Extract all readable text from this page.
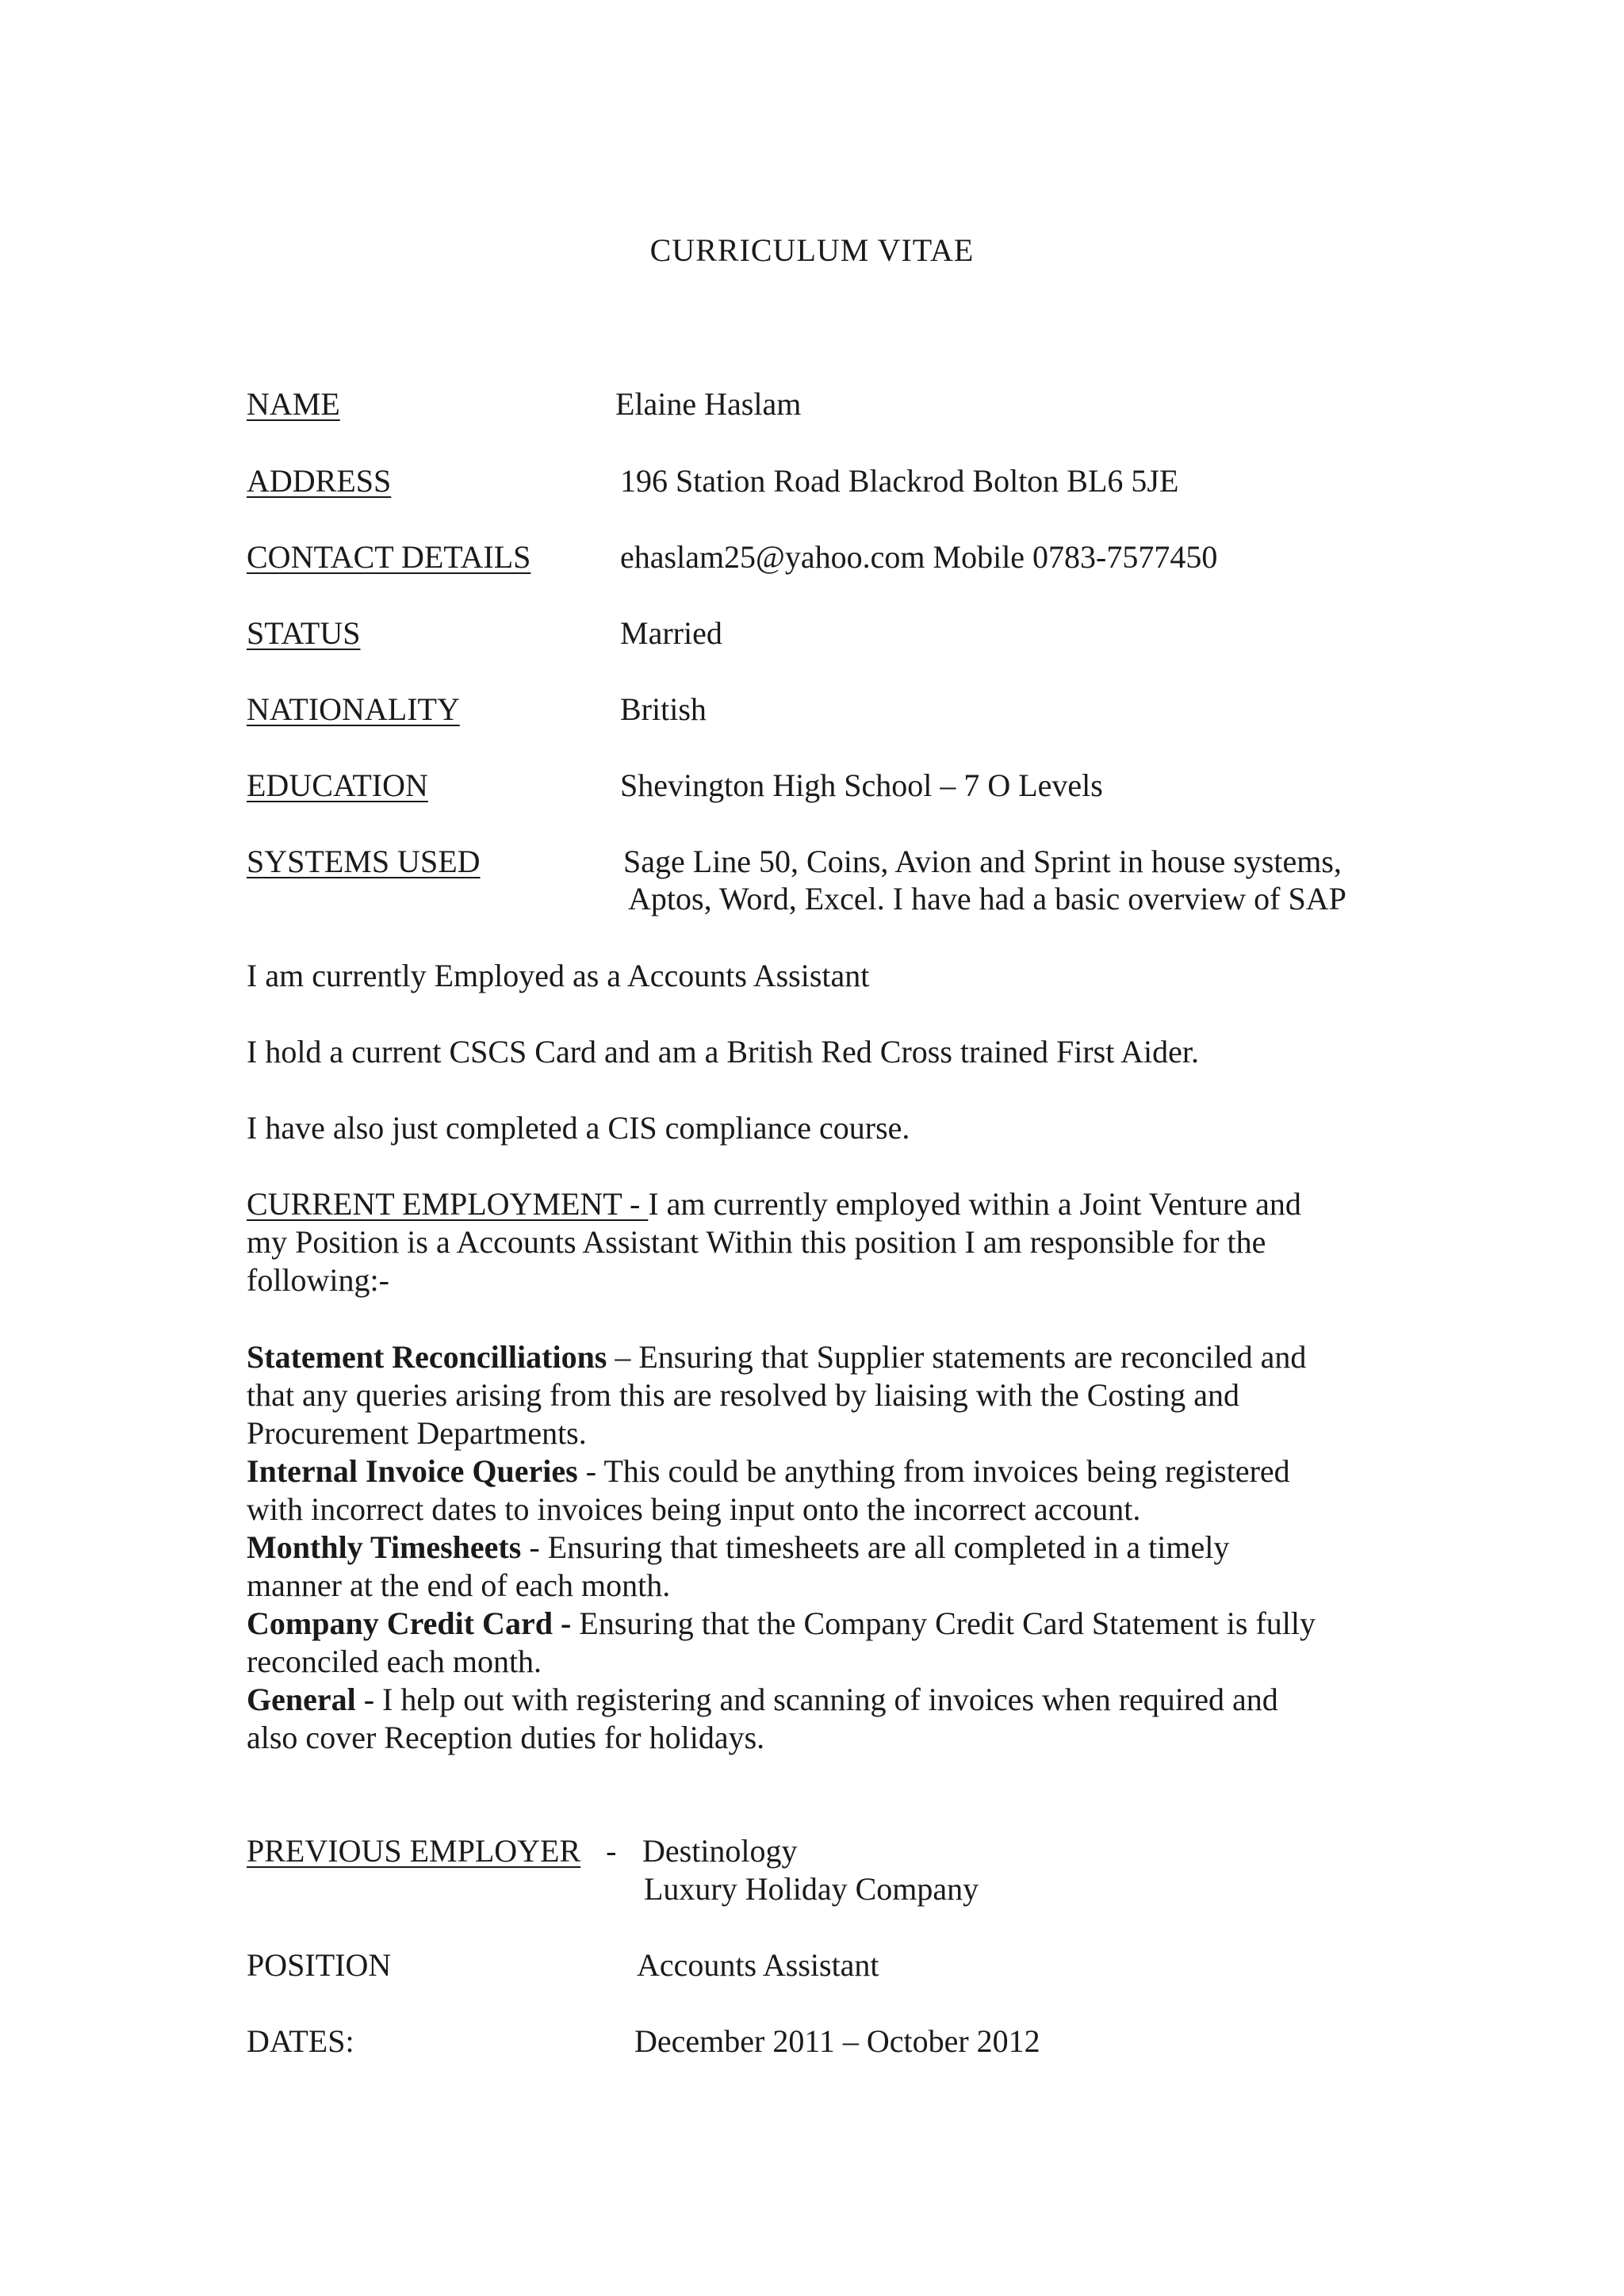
CURRICULUM VITAE
NAME	Elaine Haslam
ADDRESS	196 Station Road Blackrod Bolton BL6 5JE
CONTACT DETAILS	ehaslam25@yahoo.com Mobile 0783-7577450
STATUS	Married
NATIONALITY	British
EDUCATION	Shevington High School – 7 O Levels
SYSTEMS USED	Sage Line 50, Coins, Avion and Sprint in house systems,
Aptos, Word, Excel. I have had a basic overview of SAP
I am currently Employed as a Accounts Assistant
I hold a current CSCS Card and am a British Red Cross trained First Aider.
I have also just completed a CIS compliance course.
CURRENT EMPLOYMENT - I am currently employed within a Joint Venture and
my Position is a Accounts Assistant Within this position I am responsible for the
following:-
Statement Reconcilliations – Ensuring that Supplier statements are reconciled and
that any queries arising from this are resolved by liaising with the Costing and
Procurement Departments.
Internal Invoice Queries - This could be anything from invoices being registered
with incorrect dates to invoices being input onto the incorrect account.
Monthly Timesheets - Ensuring that timesheets are all completed in a timely
manner at the end of each month.
Company Credit Card - Ensuring that the Company Credit Card Statement is fully
reconciled each month.
General - I help out with registering and scanning of invoices when required and
also cover Reception duties for holidays.
PREVIOUS EMPLOYER - Destinology
Luxury Holiday Company
POSITION	Accounts Assistant
DATES:	December 2011 – October 2012
